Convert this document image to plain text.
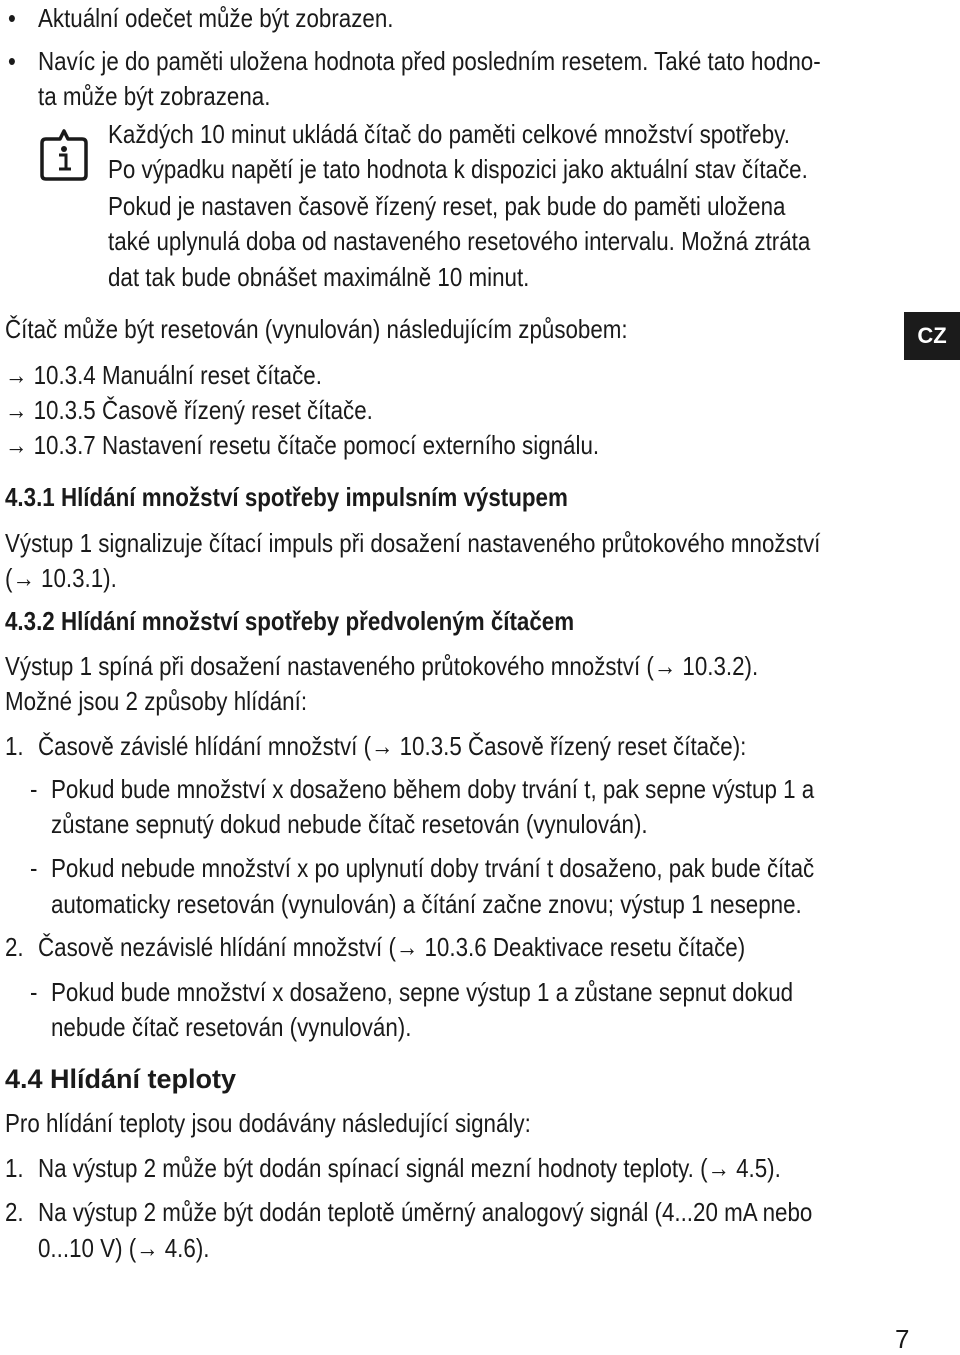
• Aktuální odečet může být zobrazen.
• Navíc je do paměti uložena hodnota před posledním resetem. Také tato hodno-
ta může být zobrazena.
Každých 10 minut ukládá čítač do paměti celkové množství spotřeby.
Po výpadku napětí je tato hodnota k dispozici jako aktuální stav čítače.
Pokud je nastaven časově řízený reset, pak bude do paměti uložena
také uplynulá doba od nastaveného resetového intervalu. Možná ztráta
dat tak bude obnášet maximálně 10 minut.
Čítač může být resetován (vynulován) následujícím způsobem:	CZ
→ 10.3.4 Manuální reset čítače.
→ 10.3.5 Časově řízený reset čítače.
→ 10.3.7 Nastavení resetu čítače pomocí externího signálu.
4.3.1 Hlídání množství spotřeby impulsním výstupem
Výstup 1 signalizuje čítací impuls při dosažení nastaveného průtokového množství
(→ 10.3.1).
4.3.2 Hlídání množství spotřeby předvoleným čítačem
Výstup 1 spíná při dosažení nastaveného průtokového množství (→ 10.3.2).
Možné jsou 2 způsoby hlídání:
1. Časově závislé hlídání množství (→ 10.3.5 Časově řízený reset čítače):
- Pokud bude množství x dosaženo během doby trvání t, pak sepne výstup 1 a
zůstane sepnutý dokud nebude čítač resetován (vynulován).
- Pokud nebude množství x po uplynutí doby trvání t dosaženo, pak bude čítač
automaticky resetován (vynulován) a čítání začne znovu; výstup 1 nesepne.
2. Časově nezávislé hlídání množství (→ 10.3.6 Deaktivace resetu čítače)
- Pokud bude množství x dosaženo, sepne výstup 1 a zůstane sepnut dokud
nebude čítač resetován (vynulován).
4.4 Hlídání teploty
Pro hlídání teploty jsou dodávány následující signály:
1. Na výstup 2 může být dodán spínací signál mezní hodnoty teploty. (→ 4.5).
2. Na výstup 2 může být dodán teplotě úměrný analogový signál (4...20 mA nebo
0...10 V) (→ 4.6).
7
